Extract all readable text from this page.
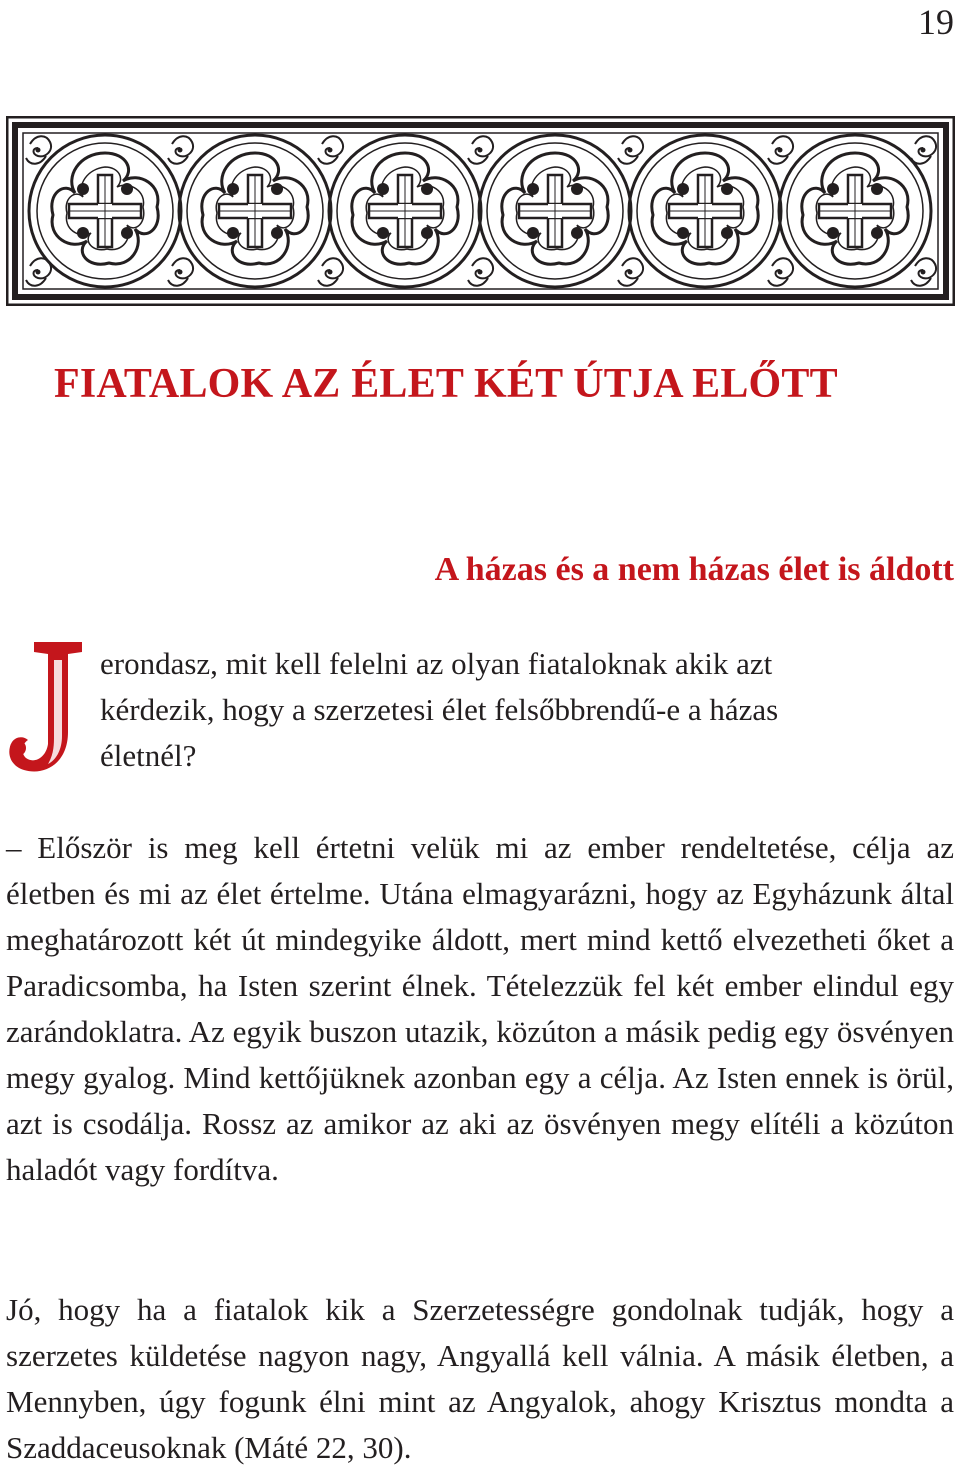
19
FIATALOK AZ ÉLET KÉT ÚTJA ELŐTT
A házas és a nem házas élet is áldott

erondasz, mit kell felelni az olyan fiataloknak akik azt
kérdezik, hogy a szerzetesi élet felsőbbrendű-e a házas
életnél?

– Először is meg kell értetni velük mi az ember rendeltetése, célja az életben és mi az élet értelme. Utána elmagyarázni, hogy az Egyházunk által meghatározott két út mindegyike áldott, mert mind kettő elvezetheti őket a Paradicsomba, ha Isten szerint élnek. Tételezzük fel két ember elindul egy zarándoklatra. Az egyik buszon utazik, közúton a másik pedig egy ösvényen megy gyalog. Mind kettőjüknek azonban egy a célja. Az Isten ennek is örül, azt is csodálja. Rossz az amikor az aki az ösvényen megy elítéli a közúton haladót vagy fordítva.

Jó, hogy ha a fiatalok kik a Szerzetességre gondolnak tudják, hogy a szerzetes küldetése nagyon nagy, Angyallá kell válnia. A másik életben, a Mennyben, úgy fogunk élni mint az Angyalok, ahogy Krisztus mondta a Szaddaceusoknak (Máté 22, 30).
